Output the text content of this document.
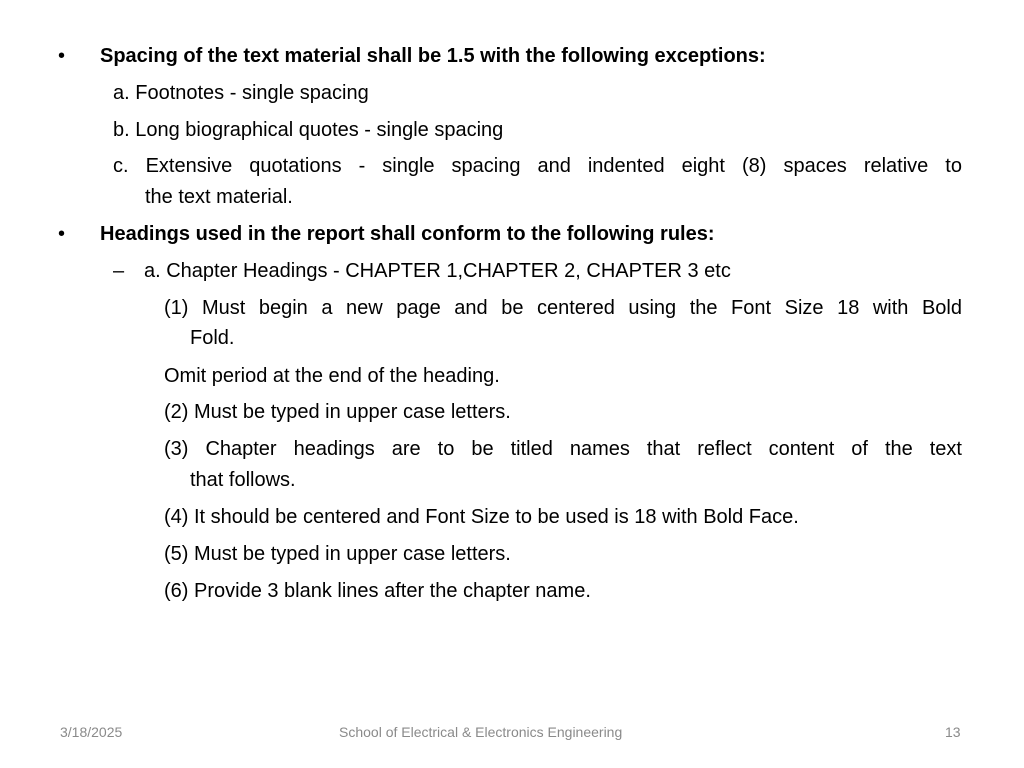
• Spacing of the text material shall be 1.5 with the following exceptions:
a. Footnotes - single spacing
b. Long biographical quotes - single spacing
c. Extensive quotations - single spacing and indented eight (8) spaces relative to
the text material.
• Headings used in the report shall conform to the following rules:
– a. Chapter Headings - CHAPTER 1,CHAPTER 2, CHAPTER 3 etc
(1) Must begin a new page and be centered using the Font Size 18 with Bold
Fold.
Omit period at the end of the heading.
(2) Must be typed in upper case letters.
(3) Chapter headings are to be titled names that reflect content of the text
that follows.
(4) It should be centered and Font Size to be used is 18 with Bold Face.
(5) Must be typed in upper case letters.
(6) Provide 3 blank lines after the chapter name.
3/18/2025	School of Electrical & Electronics Engineering	13
